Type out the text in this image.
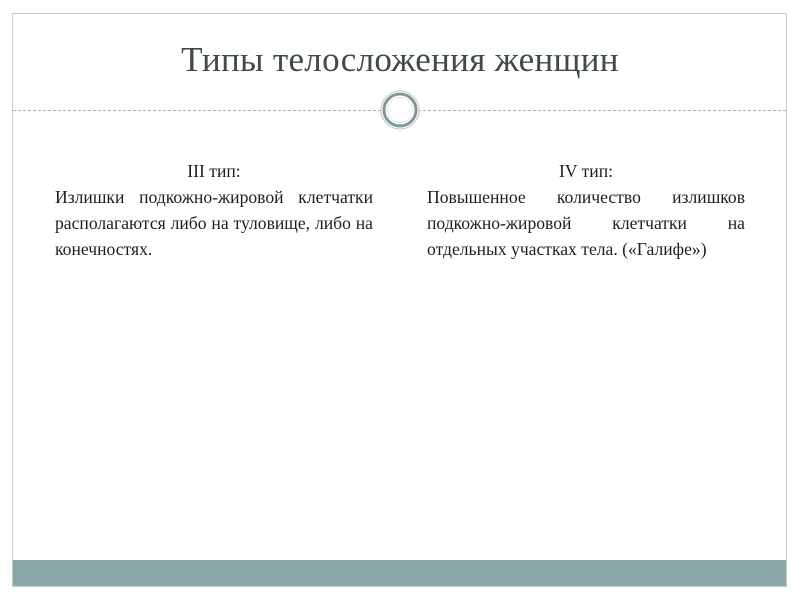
Типы телосложения женщин
III тип:
Излишки подкожно-жировой клетчатки располагаются либо на туловище, либо на конечностях.
IV тип:
Повышенное количество излишков подкожно-жировой клетчатки на отдельных участках тела. («Галифе»)
